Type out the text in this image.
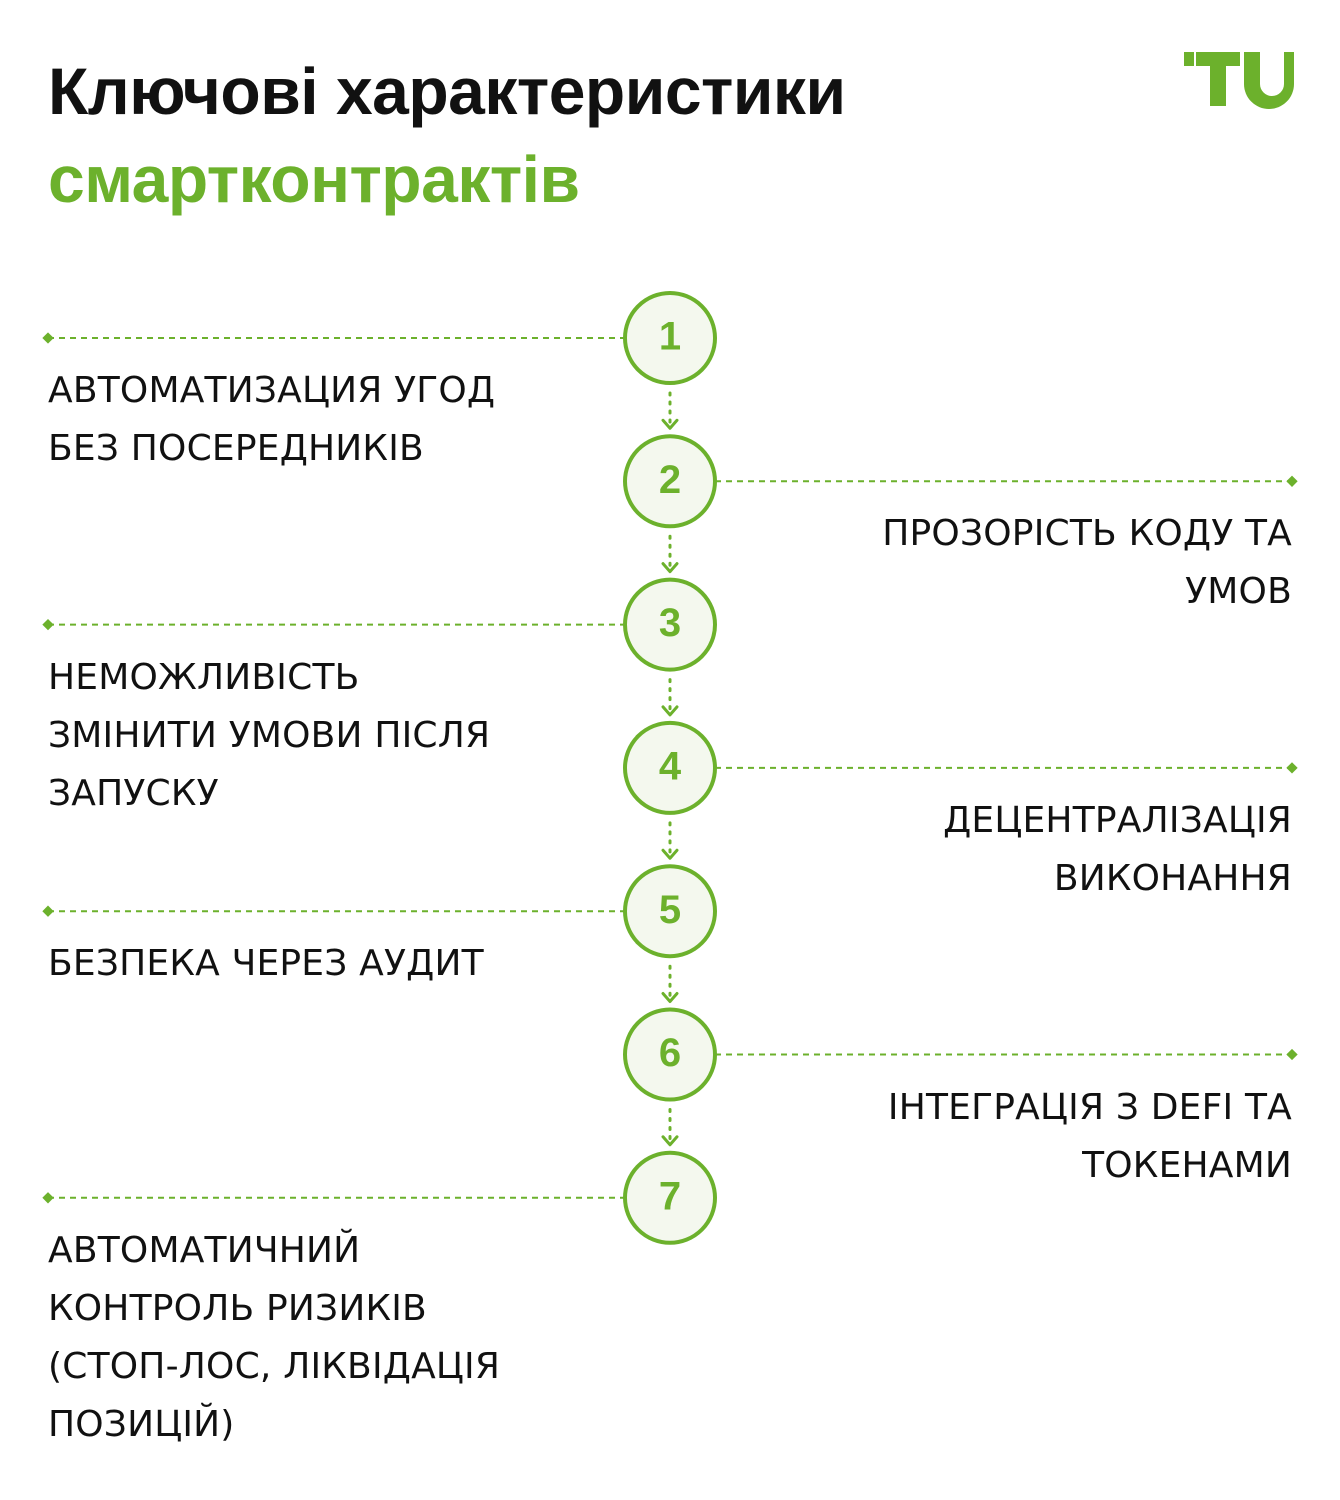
Ключові характеристики
смартконтрактів
1
2
3
4
5
6
7
АВТОМАТИЗАЦИЯ УГОД
БЕЗ ПОСЕРЕДНИКІВ
ПРОЗОРІСТЬ КОДУ ТА
УМОВ
НЕМОЖЛИВІСТЬ
ЗМІНИТИ УМОВИ ПІСЛЯ
ЗАПУСКУ
ДЕЦЕНТРАЛІЗАЦІЯ
ВИКОНАННЯ
БЕЗПЕКА ЧЕРЕЗ АУДИТ
ІНТЕГРАЦІЯ З DEFI ТА
ТОКЕНАМИ
АВТОМАТИЧНИЙ
КОНТРОЛЬ РИЗИКІВ
(СТОП-ЛОС, ЛІКВІДАЦІЯ
ПОЗИЦІЙ)
